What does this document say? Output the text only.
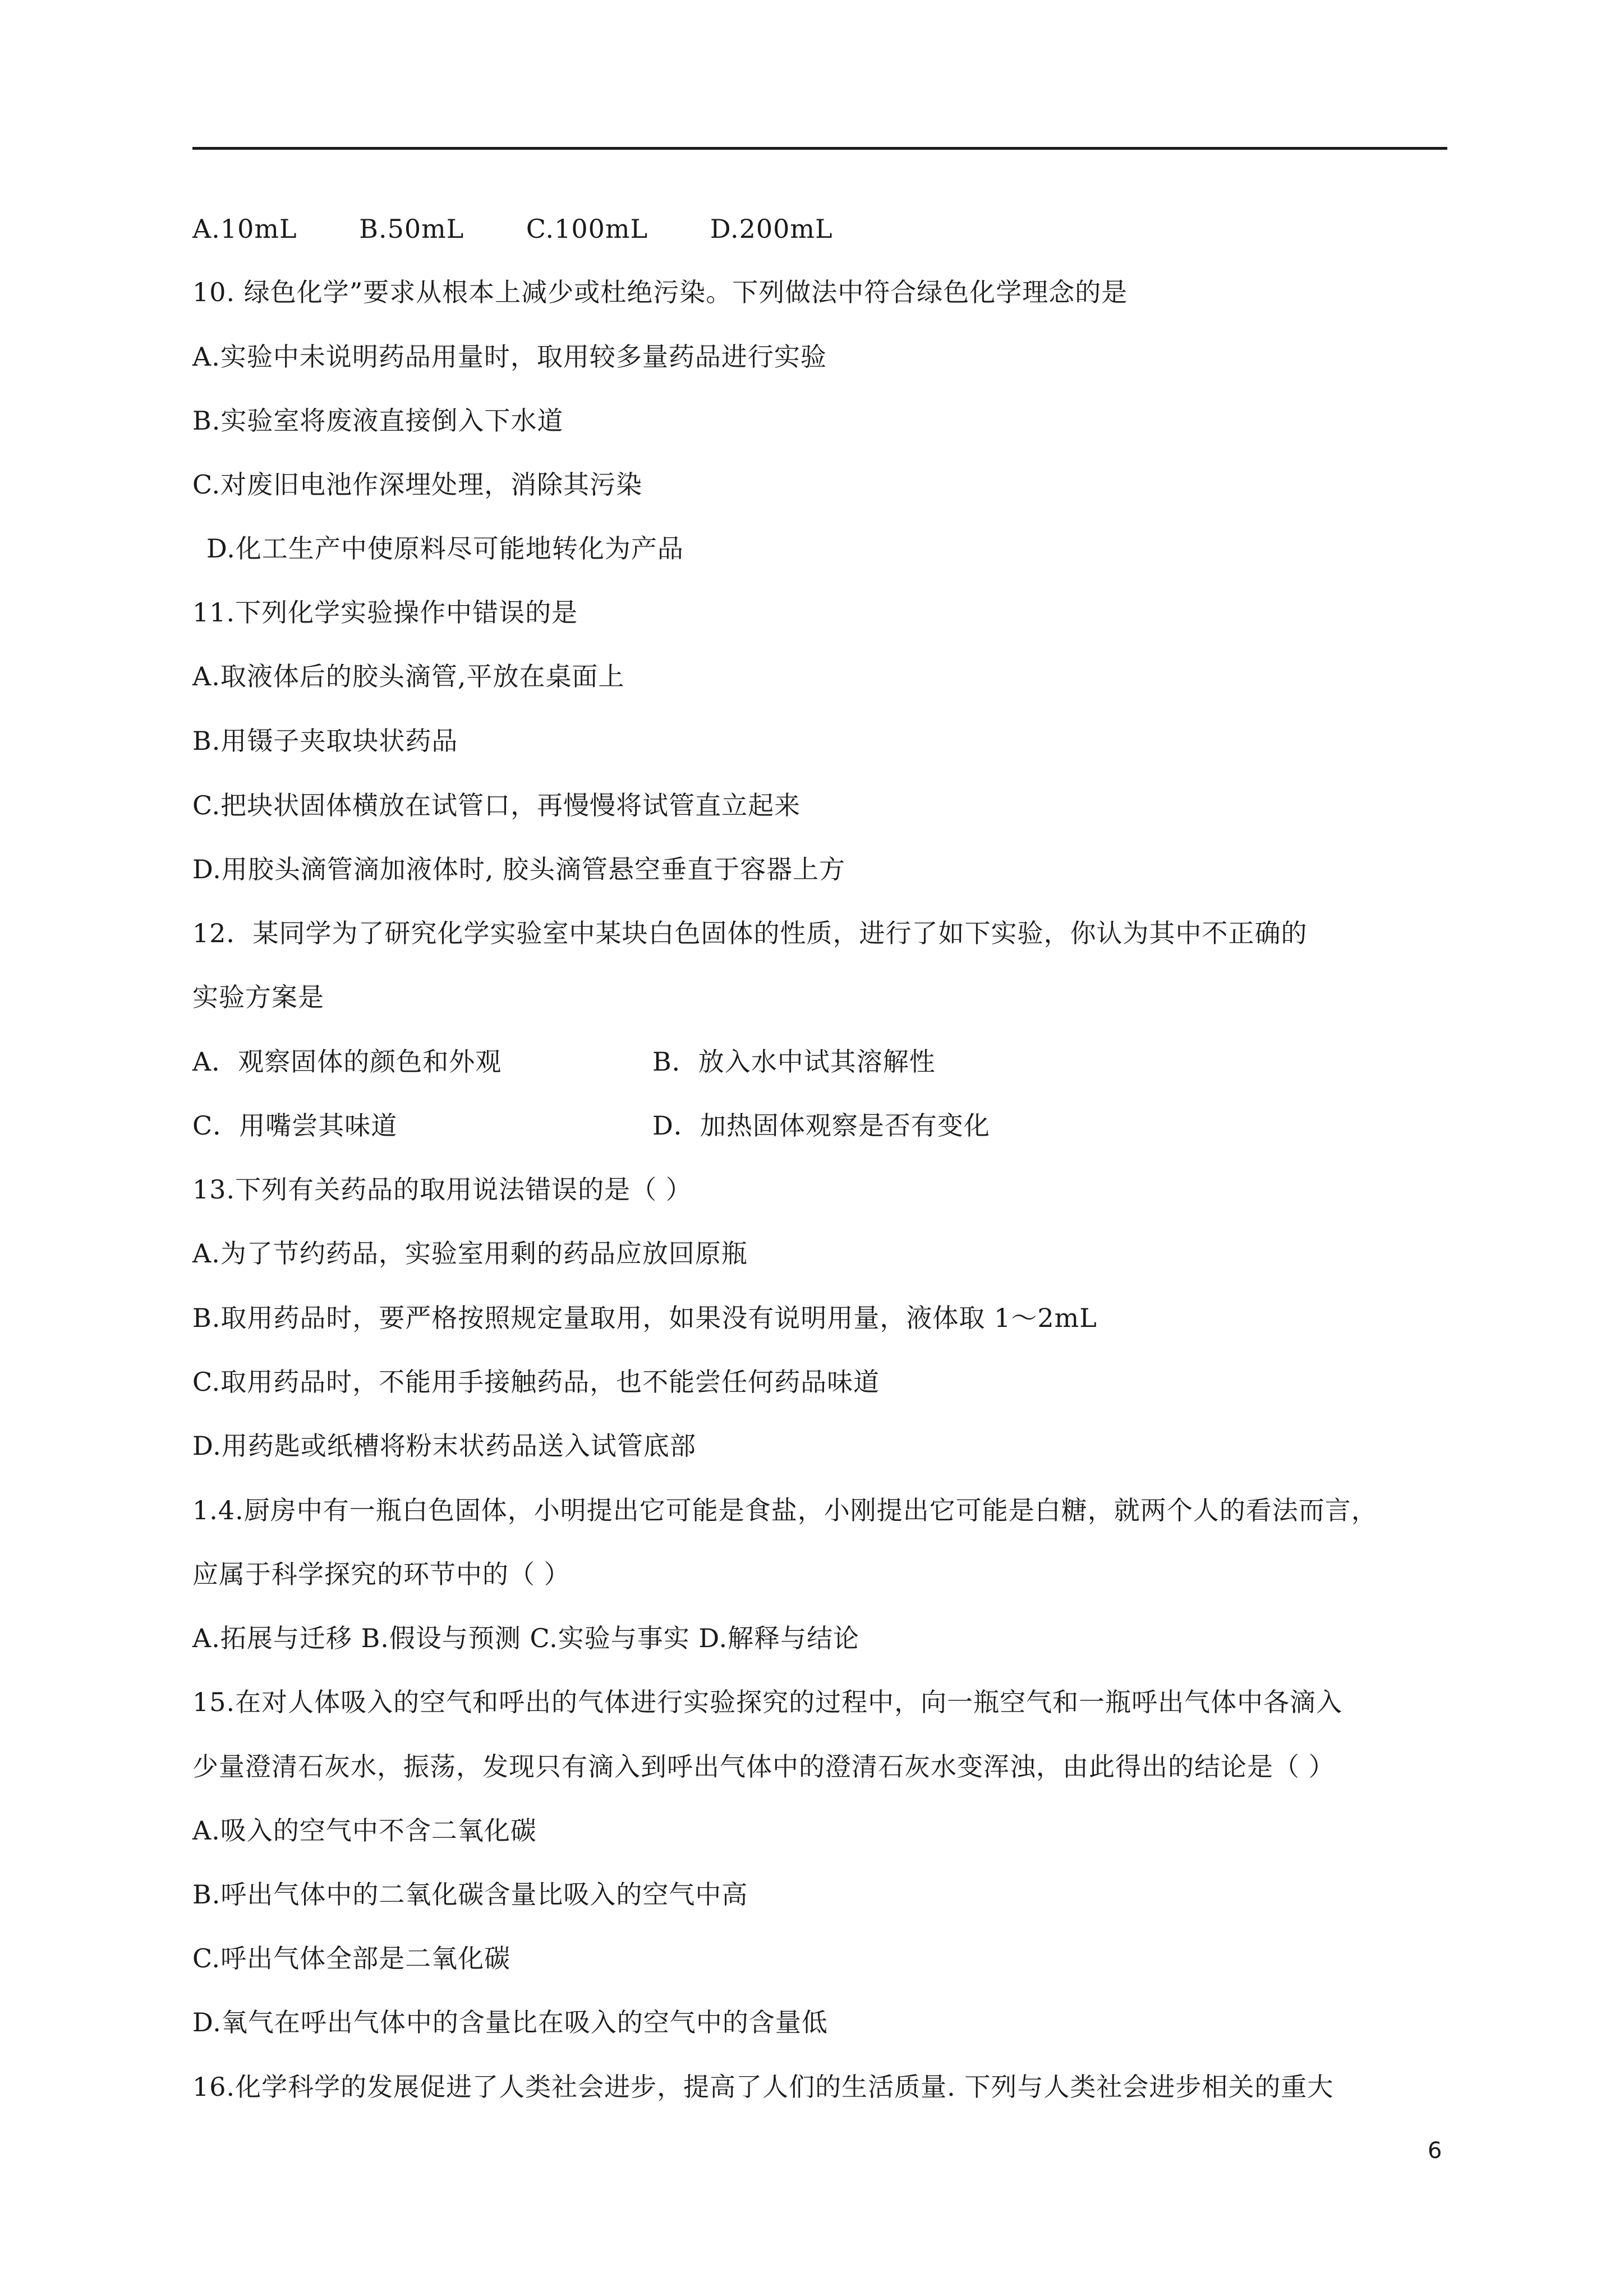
A.10mL B.50mL C.100mL D.200mL
10. 绿色化学”要求从根本上减少或杜绝污染。下列做法中符合绿色化学理念的是
A.实验中未说明药品用量时，取用较多量药品进行实验
B.实验室将废液直接倒入下水道
C.对废旧电池作深埋处理，消除其污染
D.化工生产中使原料尽可能地转化为产品
11.下列化学实验操作中错误的是
A.取液体后的胶头滴管,平放在桌面上
B.用镊子夹取块状药品
C.把块状固体横放在试管口，再慢慢将试管直立起来
D.用胶头滴管滴加液体时, 胶头滴管悬空垂直于容器上方
12．某同学为了研究化学实验室中某块白色固体的性质，进行了如下实验，你认为其中不正确的
实验方案是
A．观察固体的颜色和外观	B．放入水中试其溶解性
C．用嘴尝其味道	D．加热固体观察是否有变化
13.下列有关药品的取用说法错误的是（ ）
A.为了节约药品，实验室用剩的药品应放回原瓶
B.取用药品时，要严格按照规定量取用，如果没有说明用量，液体取 1～2mL
C.取用药品时，不能用手接触药品，也不能尝任何药品味道
D.用药匙或纸槽将粉末状药品送入试管底部
1.4.厨房中有一瓶白色固体，小明提出它可能是食盐，小刚提出它可能是白糖，就两个人的看法而言，
应属于科学探究的环节中的（ ）
A.拓展与迁移 B.假设与预测 C.实验与事实 D.解释与结论
15.在对人体吸入的空气和呼出的气体进行实验探究的过程中，向一瓶空气和一瓶呼出气体中各滴入
少量澄清石灰水，振荡，发现只有滴入到呼出气体中的澄清石灰水变浑浊，由此得出的结论是（ ）
A.吸入的空气中不含二氧化碳
B.呼出气体中的二氧化碳含量比吸入的空气中高
C.呼出气体全部是二氧化碳
D.氧气在呼出气体中的含量比在吸入的空气中的含量低
16.化学科学的发展促进了人类社会进步，提高了人们的生活质量. 下列与人类社会进步相关的重大
6
